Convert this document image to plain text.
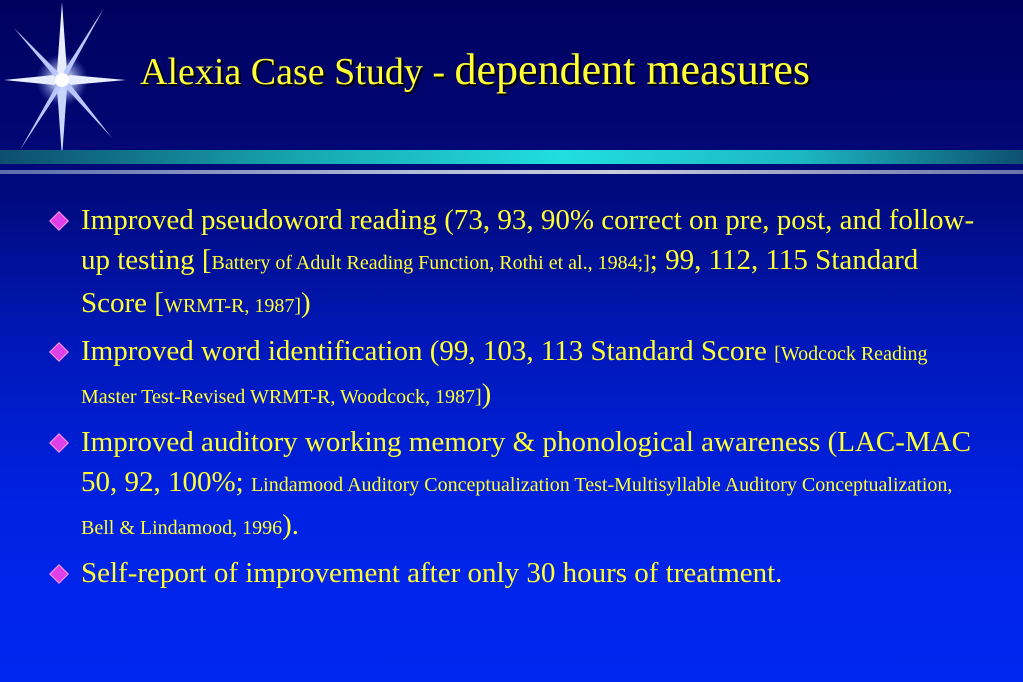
Alexia Case Study - dependent measures
Improved pseudoword reading (73, 93, 90% correct on pre, post, and follow-up testing [Battery of Adult Reading Function, Rothi et al., 1984;]; 99, 112, 115 Standard Score [WRMT-R, 1987])
Improved word identification (99, 103, 113 Standard Score [Wodcock Reading Master Test-Revised WRMT-R, Woodcock, 1987])
Improved auditory working memory & phonological awareness (LAC-MAC 50, 92, 100%; Lindamood Auditory Conceptualization Test-Multisyllable Auditory Conceptualization, Bell & Lindamood, 1996).
Self-report of improvement after only 30 hours of treatment.
